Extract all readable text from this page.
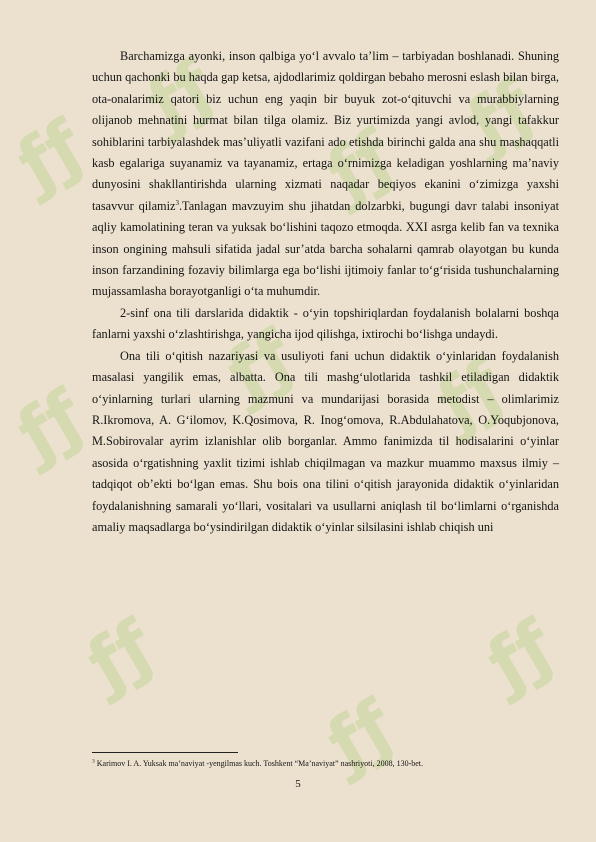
ƒƒ
ƒƒ
ƒƒ ƒƒ
ƒƒ
ƒƒ ƒƒ
ƒƒ
ƒƒ
ƒƒ

Barchamizga ayonki, inson qalbiga yo‘l avvalo ta’lim – tarbiyadan boshlanadi. Shuning uchun qachonki bu haqda gap ketsa, ajdodlarimiz qoldirgan bebaho merosni eslash bilan birga, ota-onalarimiz qatori biz uchun eng yaqin bir buyuk zot-o‘qituvchi va murabbiylarning olijanob mehnatini hurmat bilan tilga olamiz. Biz yurtimizda yangi avlod, yangi tafakkur sohiblarini tarbiyalashdek mas’uliyatli vazifani ado etishda birinchi galda ana shu mashaqqatli kasb egalariga suyanamiz va tayanamiz, ertaga o‘rnimizga keladigan yoshlarning ma’naviy dunyosini shakllantirishda ularning xizmati naqadar beqiyos ekanini o‘zimizga yaxshi tasavvur qilamiz$^3$.Tanlagan mavzuyim shu jihatdan dolzarbki, bugungi davr talabi insoniyat aqliy kamolatining teran va yuksak bo‘lishini taqozo etmoqda. XXI asrga kelib fan va texnika inson ongining mahsuli sifatida jadal sur’atda barcha sohalarni qamrab olayotgan bu kunda inson farzandining fozaviy bilimlarga ega bo‘lishi ijtimoiy fanlar to‘g‘risida tushunchalarning mujassamlasha borayotganligi o‘ta muhumdir.

2-sinf ona tili darslarida didaktik - o‘yin topshiriqlardan foydalanish bolalarni boshqa fanlarni yaxshi o‘zlashtirishga, yangicha ijod qilishga, ixtirochi bo‘lishga undaydi.

Ona tili o‘qitish nazariyasi va usuliyoti fani uchun didaktik o‘yinlaridan foydalanish masalasi yangilik emas, albatta. Ona tili mashg‘ulotlarida tashkil etiladigan didaktik o‘yinlarning turlari ularning mazmuni va mundarijasi borasida metodist – olimlarimiz R.Ikromova, A. G‘ilomov, K.Qosimova, R. Inog‘omova, R.Abdulahatova, O.Yoqubjonova, M.Sobirovalar ayrim izlanishlar olib borganlar. Ammo fanimizda til hodisalarini o‘yinlar asosida o‘rgatishning yaxlit tizimi ishlab chiqilmagan va mazkur muammo maxsus ilmiy – tadqiqot ob’ekti bo‘lgan emas. Shu bois ona tilini o‘qitish jarayonida didaktik o‘yinlaridan foydalanishning samarali yo‘llari, vositalari va usullarni aniqlash til bo‘limlarni o‘rganishda amaliy maqsadlarga bo‘ysindirilgan didaktik o‘yinlar silsilasini ishlab chiqish uni

$^3$ Karimov I. A. Yuksak ma’naviyat -yengilmas kuch. Toshkent “Ma’naviyat” nashriyoti, 2008, 130-bet.
5
